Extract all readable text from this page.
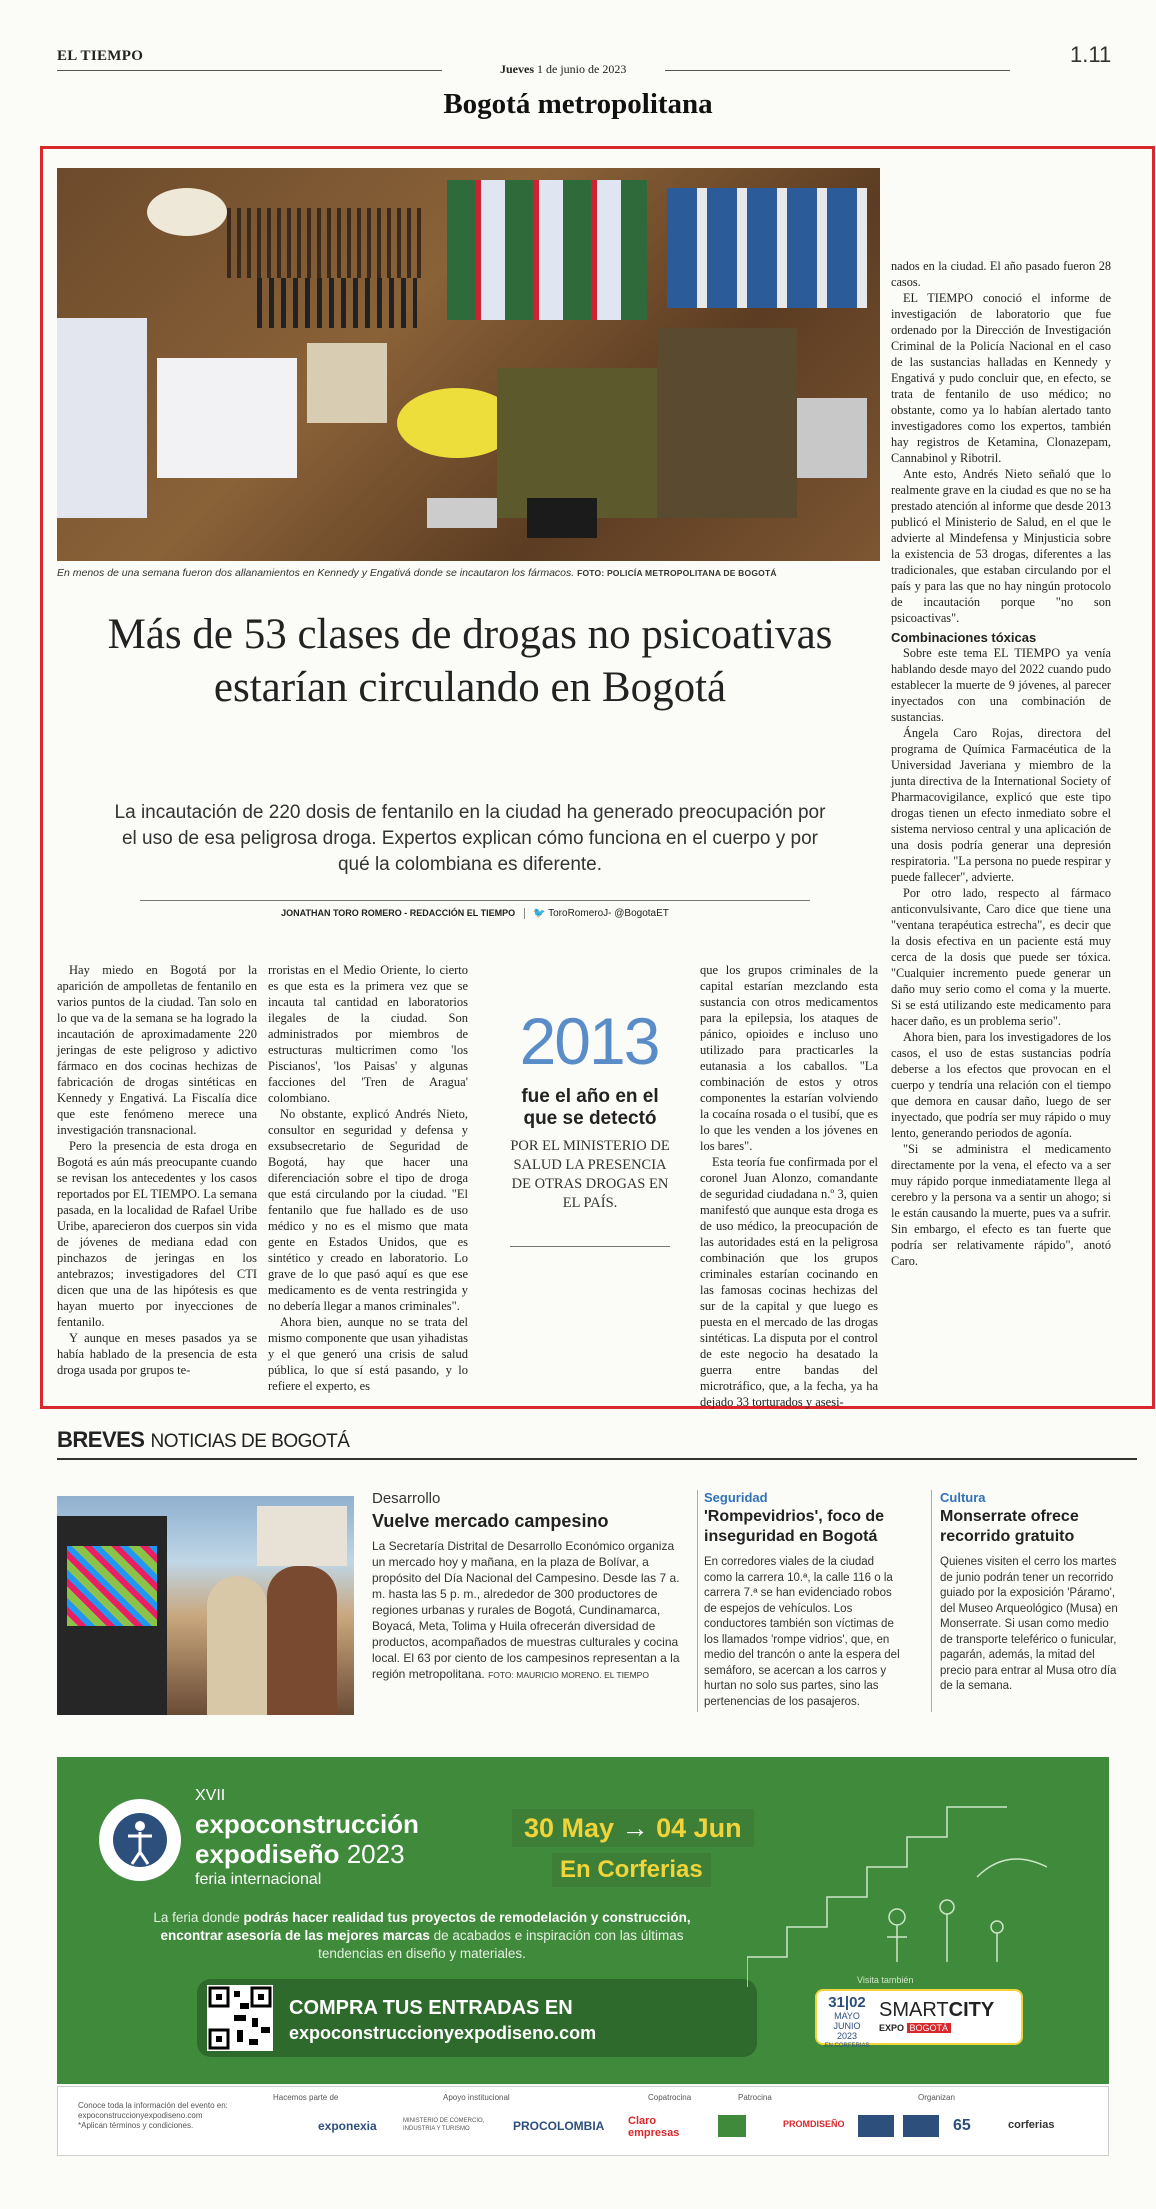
EL TIEMPO
Jueves 1 de junio de 2023
1.11
Bogotá metropolitana
En menos de una semana fueron dos allanamientos en Kennedy y Engativá donde se incautaron los fármacos. FOTO: POLICÍA METROPOLITANA DE BOGOTÁ
Más de 53 clases de drogas no psicoativas estarían circulando en Bogotá
La incautación de 220 dosis de fentanilo en la ciudad ha generado preocupación por el uso de esa peligrosa droga. Expertos explican cómo funciona en el cuerpo y por qué la colombiana es diferente.
JONATHAN TORO ROMERO - REDACCIÓN EL TIEMPO 🐦 ToroRomeroJ- @BogotaET

Hay miedo en Bogotá por la aparición de ampolletas de fentanilo en varios puntos de la ciudad. Tan solo en lo que va de la semana se ha logrado la incautación de aproximadamente 220 jeringas de este peligroso y adictivo fármaco en dos cocinas hechizas de fabricación de drogas sintéticas en Kennedy y Engativá. La Fiscalía dice que este fenómeno merece una investigación transnacional.

Pero la presencia de esta droga en Bogotá es aún más preocupante cuando se revisan los antecedentes y los casos reportados por EL TIEMPO. La semana pasada, en la localidad de Rafael Uribe Uribe, aparecieron dos cuerpos sin vida de jóvenes de mediana edad con pinchazos de jeringas en los antebrazos; investigadores del CTI dicen que una de las hipótesis es que hayan muerto por inyecciones de fentanilo.

Y aunque en meses pasados ya se había hablado de la presencia de esta droga usada por grupos te-

rroristas en el Medio Oriente, lo cierto es que esta es la primera vez que se incauta tal cantidad en laboratorios ilegales de la ciudad. Son administrados por miembros de estructuras multicrimen como 'los Piscianos', 'los Paisas' y algunas facciones del 'Tren de Aragua' colombiano.

No obstante, explicó Andrés Nieto, consultor en seguridad y defensa y exsubsecretario de Seguridad de Bogotá, hay que hacer una diferenciación sobre el tipo de droga que está circulando por la ciudad. "El fentanilo que fue hallado es de uso médico y no es el mismo que mata gente en Estados Unidos, que es sintético y creado en laboratorio. Lo grave de lo que pasó aquí es que ese medicamento es de venta restringida y no debería llegar a manos criminales".

Ahora bien, aunque no se trata del mismo componente que usan yihadistas y el que generó una crisis de salud pública, lo que sí está pasando, y lo refiere el experto, es

2013
fue el año en el que se detectó
POR EL MINISTERIO DE SALUD LA PRESENCIA DE OTRAS DROGAS EN EL PAÍS.

que los grupos criminales de la capital estarían mezclando esta sustancia con otros medicamentos para la epilepsia, los ataques de pánico, opioides e incluso uno utilizado para practicarles la eutanasia a los caballos. "La combinación de estos y otros componentes la estarían volviendo la cocaína rosada o el tusibí, que es lo que les venden a los jóvenes en los bares".

Esta teoría fue confirmada por el coronel Juan Alonzo, comandante de seguridad ciudadana n.º 3, quien manifestó que aunque esta droga es de uso médico, la preocupación de las autoridades está en la peligrosa combinación que los grupos criminales estarían cocinando en las famosas cocinas hechizas del sur de la capital y que luego es puesta en el mercado de las drogas sintéticas. La disputa por el control de este negocio ha desatado la guerra entre bandas del microtráfico, que, a la fecha, ya ha dejado 33 torturados y asesi-

nados en la ciudad. El año pasado fueron 28 casos.

EL TIEMPO conoció el informe de investigación de laboratorio que fue ordenado por la Dirección de Investigación Criminal de la Policía Nacional en el caso de las sustancias halladas en Kennedy y Engativá y pudo concluir que, en efecto, se trata de fentanilo de uso médico; no obstante, como ya lo habían alertado tanto investigadores como los expertos, también hay registros de Ketamina, Clonazepam, Cannabinol y Ribotril.

Ante esto, Andrés Nieto señaló que lo realmente grave en la ciudad es que no se ha prestado atención al informe que desde 2013 publicó el Ministerio de Salud, en el que le advierte al Mindefensa y Minjusticia sobre la existencia de 53 drogas, diferentes a las tradicionales, que estaban circulando por el país y para las que no hay ningún protocolo de incautación porque "no son psicoactivas".

Combinaciones tóxicas

Sobre este tema EL TIEMPO ya venía hablando desde mayo del 2022 cuando pudo establecer la muerte de 9 jóvenes, al parecer inyectados con una combinación de sustancias.

Ángela Caro Rojas, directora del programa de Química Farmacéutica de la Universidad Javeriana y miembro de la junta directiva de la International Society of Pharmacovigilance, explicó que este tipo drogas tienen un efecto inmediato sobre el sistema nervioso central y una aplicación de una dosis podría generar una depresión respiratoria. "La persona no puede respirar y puede fallecer", advierte.

Por otro lado, respecto al fármaco anticonvulsivante, Caro dice que tiene una "ventana terapéutica estrecha", es decir que la dosis efectiva en un paciente está muy cerca de la dosis que puede ser tóxica. "Cualquier incremento puede generar un daño muy serio como el coma y la muerte. Si se está utilizando este medicamento para hacer daño, es un problema serio".

Ahora bien, para los investigadores de los casos, el uso de estas sustancias podría deberse a los efectos que provocan en el cuerpo y tendría una relación con el tiempo que demora en causar daño, luego de ser inyectado, que podría ser muy rápido o muy lento, generando periodos de agonía.

"Si se administra el medicamento directamente por la vena, el efecto va a ser muy rápido porque inmediatamente llega al cerebro y la persona va a sentir un ahogo; si le están causando la muerte, pues va a sufrir. Sin embargo, el efecto es tan fuerte que podría ser relativamente rápido", anotó Caro.

BREVES NOTICIAS DE BOGOTÁ
Desarrollo
Vuelve mercado campesino
La Secretaría Distrital de Desarrollo Económico organiza un mercado hoy y mañana, en la plaza de Bolívar, a propósito del Día Nacional del Campesino. Desde las 7 a. m. hasta las 5 p. m., alrededor de 300 productores de regiones urbanas y rurales de Bogotá, Cundinamarca, Boyacá, Meta, Tolima y Huila ofrecerán diversidad de productos, acompañados de muestras culturales y cocina local. El 63 por ciento de los campesinos representan a la región metropolitana. FOTO: MAURICIO MORENO. EL TIEMPO
Seguridad
'Rompevidrios', foco de inseguridad en Bogotá
En corredores viales de la ciudad como la carrera 10.ª, la calle 116 o la carrera 7.ª se han evidenciado robos de espejos de vehículos. Los conductores también son víctimas de los llamados 'rompe vidrios', que, en medio del trancón o ante la espera del semáforo, se acercan a los carros y hurtan no solo sus partes, sino las pertenencias de los pasajeros.
Cultura
Monserrate ofrece recorrido gratuito
Quienes visiten el cerro los martes de junio podrán tener un recorrido guiado por la exposición 'Páramo', del Museo Arqueológico (Musa) en Monserrate. Si usan como medio de transporte teleférico o funicular, pagarán, además, la mitad del precio para entrar al Musa otro día de la semana.
XVII
expoconstrucción
expodiseño 2023
feria internacional
30 May → 04 Jun
En Corferias
La feria donde podrás hacer realidad tus proyectos de remodelación y construcción, encontrar asesoría de las mejores marcas de acabados e inspiración con las últimas tendencias en diseño y materiales.
COMPRA TUS ENTRADAS EN
expoconstruccionyexpodiseno.com
Visita también
31|02
MAYO JUNIO
2023
EN CORFERIAS
SMARTCITY
EXPO BOGOTÁ
Conoce toda la información del evento en: expoconstruccionyexpodiseno.com *Aplican términos y condiciones.
Hacemos parte de	Apoyo institucional	Copatrocina	Patrocina	Organizan
exponexia	MINISTERIO DE COMERCIO, INDUSTRIA Y TURISMO	PROCOLOMBIA Claro empresas
PROMDISEÑO	65	corferias
